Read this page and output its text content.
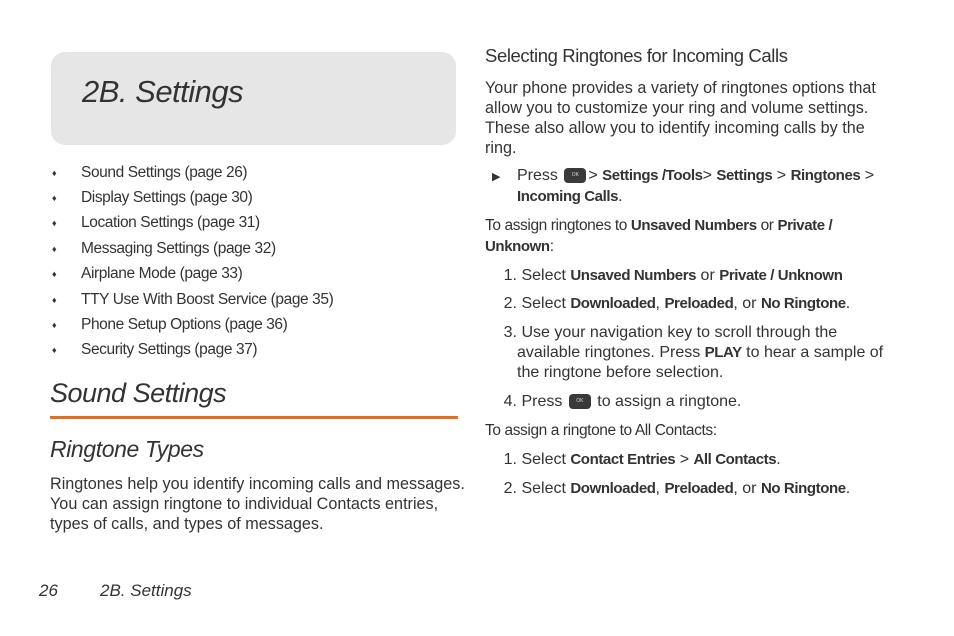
2B. Settings
♦	Sound Settings (page 26)
♦	Display Settings (page 30)
♦	Location Settings (page 31)
♦	Messaging Settings (page 32)
♦	Airplane Mode (page 33)
♦	TTY Use With Boost Service (page 35)
♦	Phone Setup Options (page 36)
♦	Security Settings (page 37)
Sound Settings
Ringtone Types
Ringtones help you identify incoming calls and messages. You can assign ringtone to individual Contacts entries, types of calls, and types of messages.
26 2B. Settings
Selecting Ringtones for Incoming Calls
Your phone provides a variety of ringtones options that allow you to customize your ring and volume settings. These also allow you to identify incoming calls by the ring.
▶ Press	OK > Settings /Tools> Settings > Ringtones >
Incoming Calls.
To assign ringtones to Unsaved Numbers or Private / Unknown:
1. Select Unsaved Numbers or Private / Unknown
2. Select Downloaded, Preloaded, or No Ringtone.
3. Use your navigation key to scroll through the available ringtones. Press PLAY to hear a sample of the ringtone before selection.
4. Press	OK to assign a ringtone.
To assign a ringtone to All Contacts:
1. Select Contact Entries > All Contacts.
2. Select Downloaded, Preloaded, or No Ringtone.
